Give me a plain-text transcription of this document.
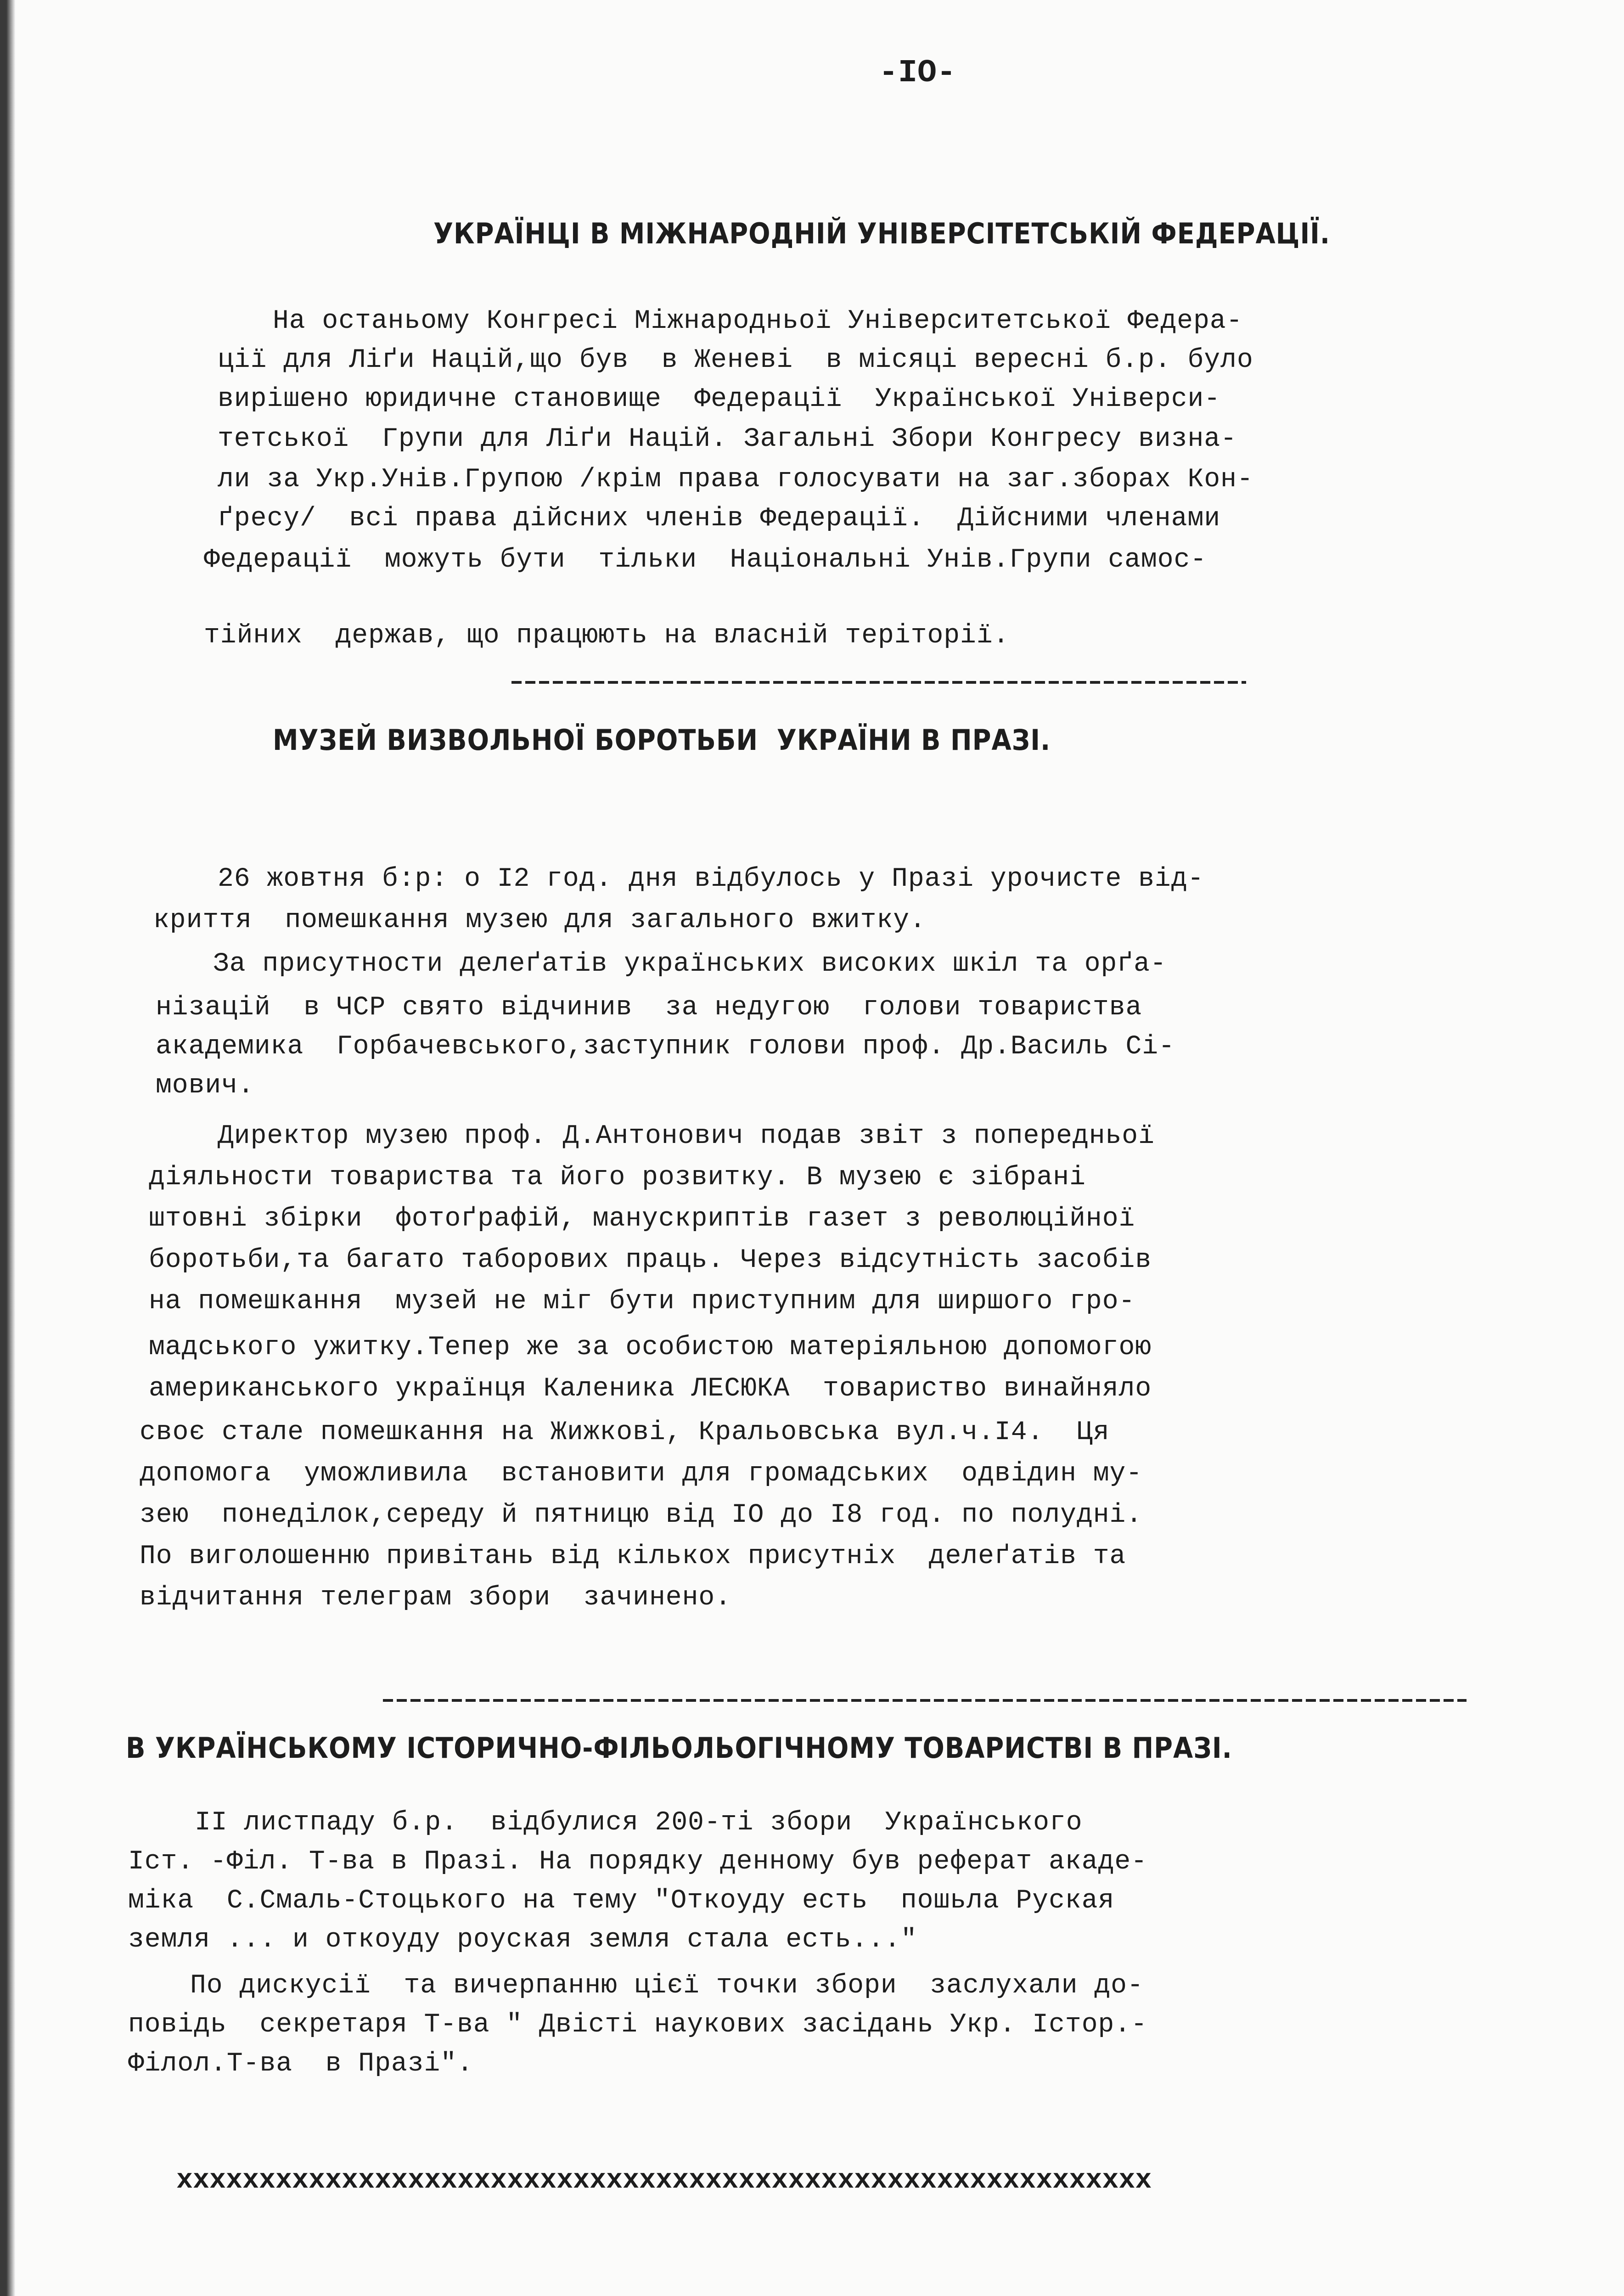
-IO-
УКРАЇНЦІ В МІЖНАРОДНІЙ УНІВЕРСІТЕТСЬКІЙ ФЕДЕРАЦІЇ.
На останьому Конгресі Міжнародньої Університетської Федера-
ції для Ліґи Націй,що був  в Женеві  в місяці вересні б.р. було
вирішено юридичне становище  Федерації  Української Універси-
тетської  Групи для Ліґи Націй. Загальні Збори Конгресу визна-
ли за Укр.Унів.Групою /крім права голосувати на заг.зборах Кон-
ґресу/  всі права дійсних членів Федерації.  Дійсними членами
Федерації  можуть бути  тільки  Національні Унів.Групи самос-
тійних  держав, що працюють на власній теріторії.
МУЗЕЙ ВИЗВОЛЬНОЇ БОРОТЬБИ  УКРАЇНИ В ПРАЗІ.
26 жовтня б:р: о I2 год. дня відбулось у Празі урочисте від-
криття  помешкання музею для загального вжитку.
За присутности делеґатів українських високих шкіл та орґа-
нізацій  в ЧСР свято відчинив  за недугою  голови товариства
академика  Горбачевського,заступник голови проф. Др.Василь Сі-
мович.
Директор музею проф. Д.Антонович подав звіт з попередньої
діяльности товариства та його розвитку. В музею є зібрані
штовні збірки  фотоґрафій, манускриптів газет з революційної
боротьби,та багато таборових праць. Через відсутність засобів
на помешкання  музей не міг бути приступним для ширшого гро-
мадського ужитку.Тепер же за особистою матеріяльною допомогою
американського українця Каленика ЛЕСЮКА  товариство винайняло
своє стале помешкання на Жижкові, Кральовська вул.ч.I4.  Ця
допомога  уможливила  встановити для громадських  одвідин му-
зею  понеділок,середу й пятницю від IO до I8 год. по полудні.
По виголошенню привітань від кількох присутніх  делеґатів та
відчитання телеграм збори  зачинено.
В УКРАЇНСЬКОМУ ІСТОРИЧНО-ФІЛЬОЛЬОГІЧНОМУ ТОВАРИСТВІ В ПРАЗІ.
II листпаду б.р.  відбулися 200-ті збори  Українського
Іст. -Філ. Т-ва в Празі. На порядку денному був реферат акаде-
міка  С.Смаль-Стоцького на тему "Откоуду есть  пошьла Руская
земля ... и откоуду роуская земля стала есть..."
По дискусії  та вичерпанню цієї точки збори  заслухали до-
повідь  секретаря Т-ва " Двісті наукових засідань Укр. Істор.-
Філол.Т-ва  в Празі".
xxxxxxxxxxxxxxxxxxxxxxxxxxxxxxxxxxxxxxxxxxxxxxxxxxxxxxxxxxx
